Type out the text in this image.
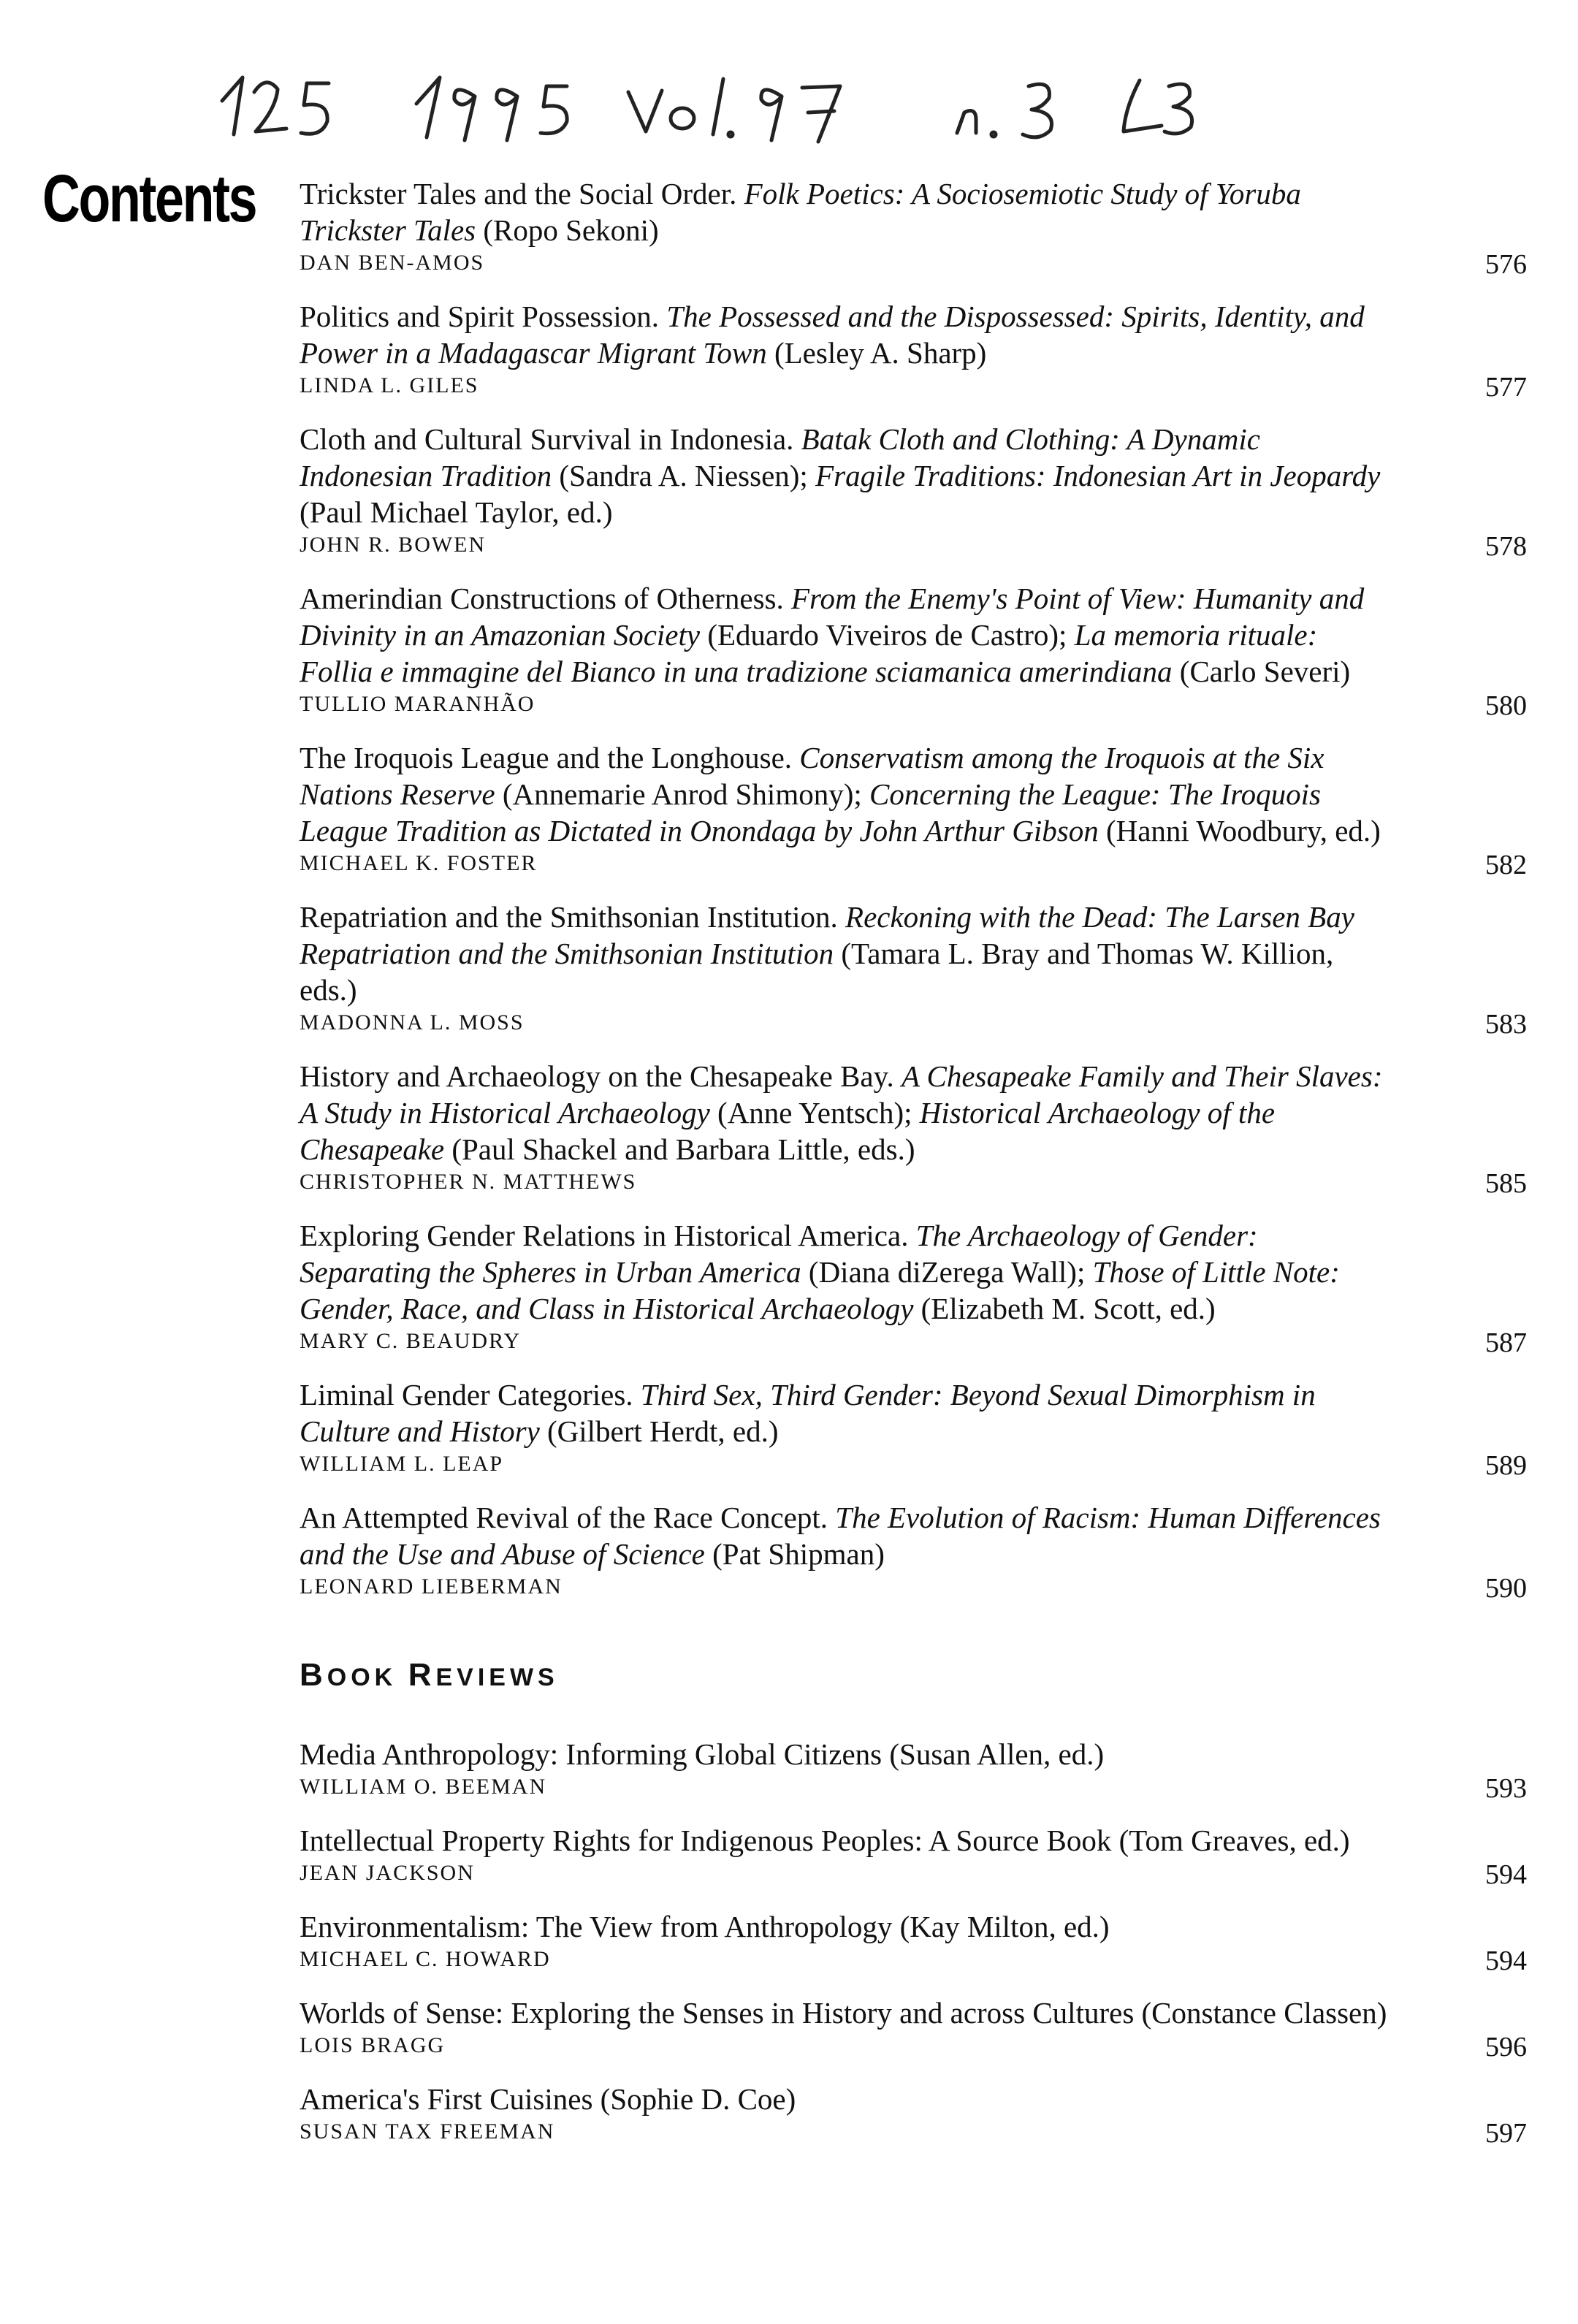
Contents Trickster Tales and the Social Order. Folk Poetics: A Sociosemiotic Study of Yoruba Trickster Tales (Ropo Sekoni)
DAN BEN-AMOS	576
Politics and Spirit Possession. The Possessed and the Dispossessed: Spirits, Identity, and Power in a Madagascar Migrant Town (Lesley A. Sharp)
LINDA L. GILES	577
Cloth and Cultural Survival in Indonesia. Batak Cloth and Clothing: A Dynamic Indonesian Tradition (Sandra A. Niessen); Fragile Traditions: Indonesian Art in Jeopardy (Paul Michael Taylor, ed.)
JOHN R. BOWEN	578
Amerindian Constructions of Otherness. From the Enemy's Point of View: Humanity and Divinity in an Amazonian Society (Eduardo Viveiros de Castro); La memoria rituale: Follia e immagine del Bianco in una tradizione sciamanica amerindiana (Carlo Severi)
TULLIO MARANHÃO	580
The Iroquois League and the Longhouse. Conservatism among the Iroquois at the Six Nations Reserve (Annemarie Anrod Shimony); Concerning the League: The Iroquois League Tradition as Dictated in Onondaga by John Arthur Gibson (Hanni Woodbury, ed.)
MICHAEL K. FOSTER	582
Repatriation and the Smithsonian Institution. Reckoning with the Dead: The Larsen Bay Repatriation and the Smithsonian Institution (Tamara L. Bray and Thomas W. Killion, eds.)
MADONNA L. MOSS	583
History and Archaeology on the Chesapeake Bay. A Chesapeake Family and Their Slaves: A Study in Historical Archaeology (Anne Yentsch); Historical Archaeology of the Chesapeake (Paul Shackel and Barbara Little, eds.)
CHRISTOPHER N. MATTHEWS	585
Exploring Gender Relations in Historical America. The Archaeology of Gender: Separating the Spheres in Urban America (Diana diZerega Wall); Those of Little Note: Gender, Race, and Class in Historical Archaeology (Elizabeth M. Scott, ed.)
MARY C. BEAUDRY	587
Liminal Gender Categories. Third Sex, Third Gender: Beyond Sexual Dimorphism in Culture and History (Gilbert Herdt, ed.)
WILLIAM L. LEAP	589
An Attempted Revival of the Race Concept. The Evolution of Racism: Human Differences and the Use and Abuse of Science (Pat Shipman)
LEONARD LIEBERMAN	590
BOOK REVIEWS
Media Anthropology: Informing Global Citizens (Susan Allen, ed.)
WILLIAM O. BEEMAN	593
Intellectual Property Rights for Indigenous Peoples: A Source Book (Tom Greaves, ed.)
JEAN JACKSON	594
Environmentalism: The View from Anthropology (Kay Milton, ed.)
MICHAEL C. HOWARD	594
Worlds of Sense: Exploring the Senses in History and across Cultures (Constance Classen)
LOIS BRAGG	596
America's First Cuisines (Sophie D. Coe)
SUSAN TAX FREEMAN	597
